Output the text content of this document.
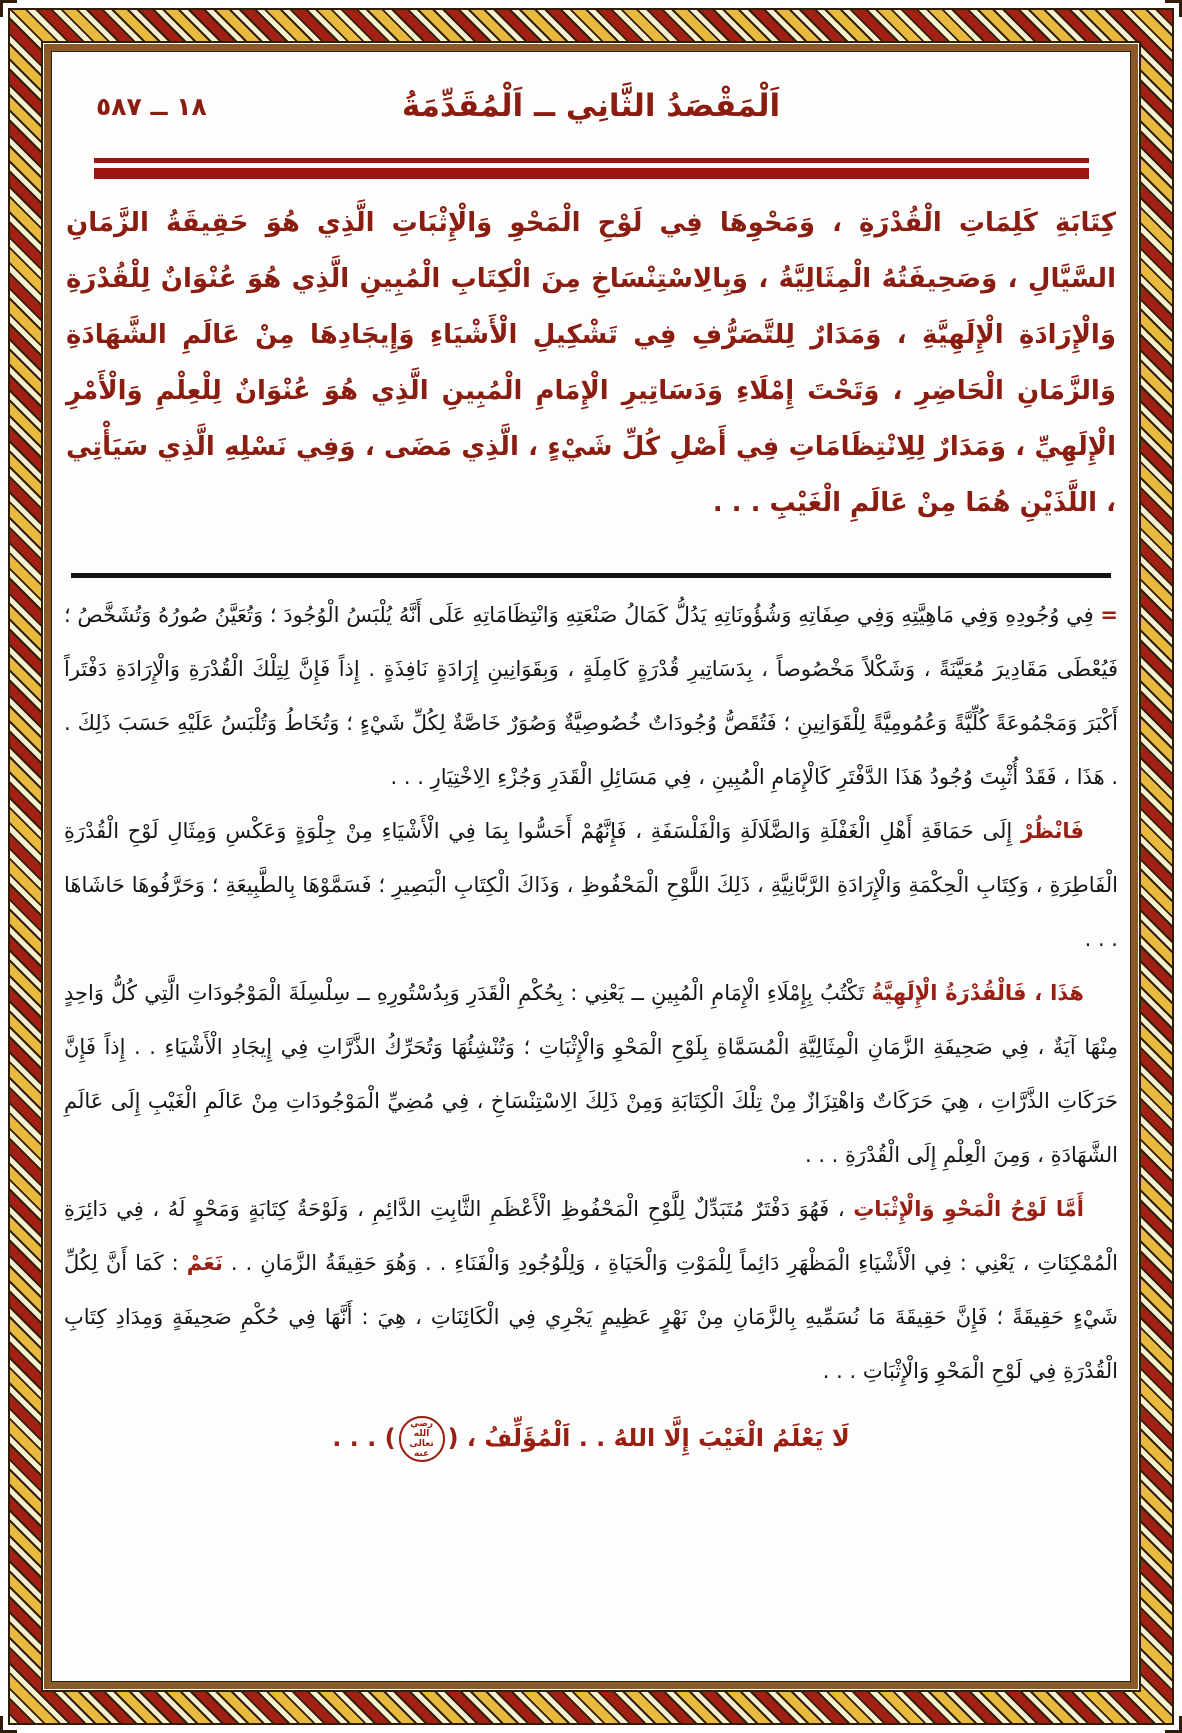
١٨ ــ ٥٨٧	اَلْمَقْصَدُ الثَّانِي ــ اَلْمُقَدِّمَةُ
كِتَابَةِ كَلِمَاتِ الْقُدْرَةِ ، وَمَحْوِهَا فِي لَوْحِ الْمَحْوِ وَالْإِثْبَاتِ الَّذِي هُوَ حَقِيقَةُ الزَّمَانِ السَّيَّالِ ، وَصَحِيفَتُهُ الْمِثَالِيَّةُ ، وَبِالِاسْتِنْسَاخِ مِنَ الْكِتَابِ الْمُبِينِ الَّذِي هُوَ عُنْوَانٌ لِلْقُدْرَةِ وَالْإِرَادَةِ الْإِلَهِيَّةِ ، وَمَدَارٌ لِلتَّصَرُّفِ فِي تَشْكِيلِ الْأَشْيَاءِ وَإِيجَادِهَا مِنْ عَالَمِ الشَّهَادَةِ وَالزَّمَانِ الْحَاضِرِ ، وَتَحْتَ إِمْلَاءِ وَدَسَاتِيرِ الْإِمَامِ الْمُبِينِ الَّذِي هُوَ عُنْوَانٌ لِلْعِلْمِ وَالْأَمْرِ الْإِلَهِيِّ ، وَمَدَارٌ لِلِانْتِظَامَاتِ فِي أَصْلِ كُلِّ شَيْءٍ ، الَّذِي مَضَى ، وَفِي نَسْلِهِ الَّذِي سَيَأْتِي ، اللَّذَيْنِ هُمَا مِنْ عَالَمِ الْغَيْبِ . . .

= فِي وُجُودِهِ وَفِي مَاهِيَّتِهِ وَفِي صِفَاتِهِ وَشُؤُونَاتِهِ يَدُلُّ كَمَالُ صَنْعَتِهِ وَانْتِظَامَاتِهِ عَلَى أَنَّهُ يُلْبَسُ الْوُجُودَ ؛ وَتُعَيَّنُ صُورُهُ وَتُشَخَّصُ ؛ فَيُعْطَى مَقَادِيرَ مُعَيَّنَةً ، وَشَكْلاً مَخْصُوصاً ، بِدَسَاتِيرِ قُدْرَةٍ كَامِلَةٍ ، وَبِقَوَانِينِ إِرَادَةٍ نَافِذَةٍ . إِذاً فَإِنَّ لِتِلْكَ الْقُدْرَةِ وَالْإِرَادَةِ دَفْتَراً أَكْبَرَ وَمَجْمُوعَةً كُلِّيَّةً وَعُمُومِيَّةً لِلْقَوَانِينِ ؛ فَتُقَصُّ وُجُودَاتٌ خُصُوصِيَّةٌ وَصُوَرٌ خَاصَّةٌ لِكُلِّ شَيْءٍ ؛ وَتُخَاطُ وَتُلْبَسُ عَلَيْهِ حَسَبَ ذَلِكَ . . هَذَا ، فَقَدْ أُثْبِتَ وُجُودُ هَذَا الدَّفْتَرِ كَالْإِمَامِ الْمُبِينِ ، فِي مَسَائِلِ الْقَدَرِ وَجُزْءِ الِاخْتِيَارِ . . .

فَانْظُرْ إِلَى حَمَاقَةِ أَهْلِ الْغَفْلَةِ وَالضَّلَالَةِ وَالْفَلْسَفَةِ ، فَإِنَّهُمْ أَحَسُّوا بِمَا فِي الْأَشْيَاءِ مِنْ جِلْوَةٍ وَعَكْسِ وَمِثَالِ لَوْحِ الْقُدْرَةِ الْفَاطِرَةِ ، وَكِتَابِ الْحِكْمَةِ وَالْإِرَادَةِ الرَّبَّانِيَّةِ ، ذَلِكَ اللَّوْحِ الْمَحْفُوظِ ، وَذَاكَ الْكِتَابِ الْبَصِيرِ ؛ فَسَمَّوْهَا بِالطَّبِيعَةِ ؛ وَحَرَّفُوهَا حَاشَاهَا . . .

هَذَا ، فَالْقُدْرَةُ الْإِلَهِيَّةُ تَكْتُبُ بِإِمْلَاءِ الْإِمَامِ الْمُبِينِ ــ يَعْنِي : بِحُكْمِ الْقَدَرِ وَبِدُسْتُورِهِ ــ سِلْسِلَةَ الْمَوْجُودَاتِ الَّتِي كُلُّ وَاحِدٍ مِنْهَا آيَةٌ ، فِي صَحِيفَةِ الزَّمَانِ الْمِثَالِيَّةِ الْمُسَمَّاةِ بِلَوْحِ الْمَحْوِ وَالْإِثْبَاتِ ؛ وَتُنْشِئُهَا وَتُحَرِّكُ الذَّرَّاتِ فِي إِيجَادِ الْأَشْيَاءِ . . إِذاً فَإِنَّ حَرَكَاتِ الذَّرَّاتِ ، هِيَ حَرَكَاتٌ وَاهْتِزَازٌ مِنْ تِلْكَ الْكِتَابَةِ وَمِنْ ذَلِكَ الِاسْتِنْسَاخِ ، فِي مُضِيِّ الْمَوْجُودَاتِ مِنْ عَالَمِ الْغَيْبِ إِلَى عَالَمِ الشَّهَادَةِ ، وَمِنَ الْعِلْمِ إِلَى الْقُدْرَةِ . . .

أَمَّا لَوْحُ الْمَحْوِ وَالْإِثْبَاتِ ، فَهُوَ دَفْتَرٌ مُتَبَدِّلٌ لِلَّوْحِ الْمَحْفُوظِ الْأَعْظَمِ الثَّابِتِ الدَّائِمِ ، وَلَوْحَةُ كِتَابَةٍ وَمَحْوٍ لَهُ ، فِي دَائِرَةِ الْمُمْكِنَاتِ ، يَعْنِي : فِي الْأَشْيَاءِ الْمَظْهَرِ دَائِماً لِلْمَوْتِ وَالْحَيَاةِ ، وَلِلْوُجُودِ وَالْفَنَاءِ . . وَهُوَ حَقِيقَةُ الزَّمَانِ . . نَعَمْ : كَمَا أَنَّ لِكُلِّ شَيْءٍ حَقِيقَةً ؛ فَإِنَّ حَقِيقَةَ مَا نُسَمِّيهِ بِالزَّمَانِ مِنْ نَهْرٍ عَظِيمٍ يَجْرِي فِي الْكَائِنَاتِ ، هِيَ : أَنَّهَا فِي حُكْمِ صَحِيفَةٍ وَمِدَادِ كِتَابِ الْقُدْرَةِ فِي لَوْحِ الْمَحْوِ وَالْإِثْبَاتِ . . .

لَا يَعْلَمُ الْغَيْبَ إِلَّا اللهُ . . اَلْمُؤَلِّفُ ، (رضي الله تعالى عنه) . . .
